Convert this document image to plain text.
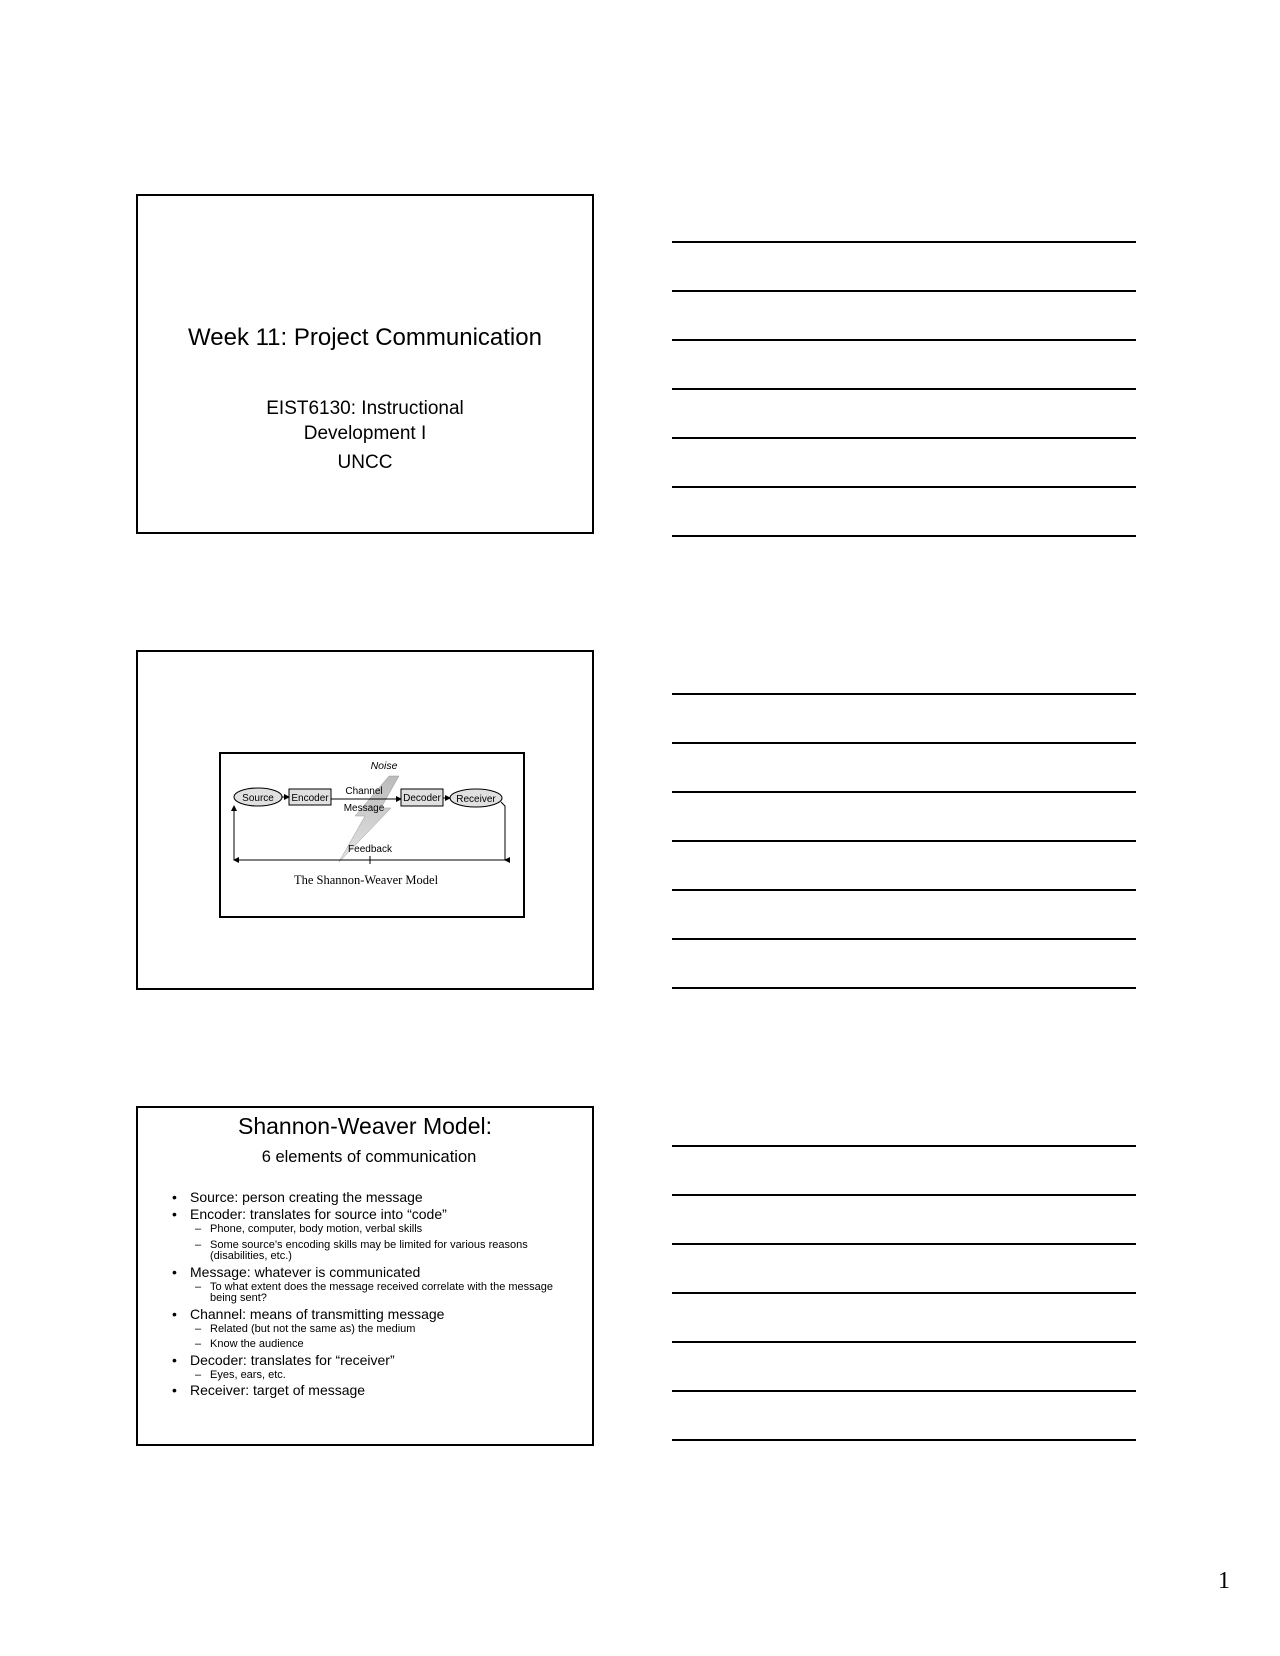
Week 11: Project Communication
EIST6130: Instructional
Development I
UNCC
Noise
Source Encoder
Channel
Message
Decoder Receiver
Feedback
The Shannon-Weaver Model
Shannon-Weaver Model:
6 elements of communication
• Source: person creating the message
• Encoder: translates for source into “code”
– Phone, computer, body motion, verbal skills
– Some source’s encoding skills may be limited for various reasons (disabilities, etc.)
• Message: whatever is communicated
– To what extent does the message received correlate with the message being sent?
• Channel: means of transmitting message
– Related (but not the same as) the medium
– Know the audience
• Decoder: translates for “receiver”
– Eyes, ears, etc.
• Receiver: target of message
1
